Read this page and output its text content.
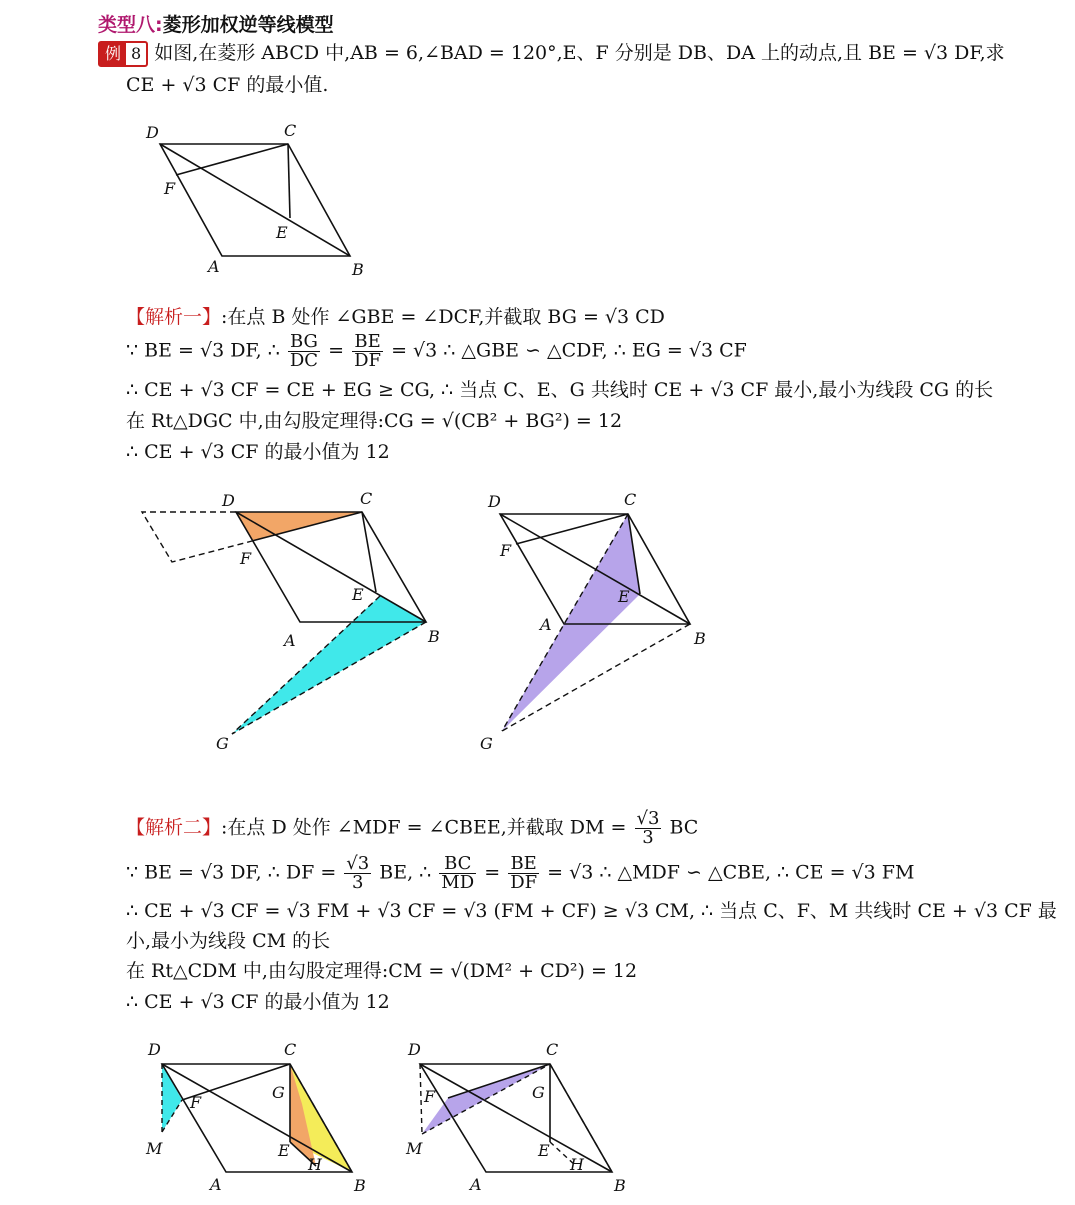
类型八:菱形加权逆等线模型
例 8 如图,在菱形 ABCD 中,AB = 6,∠BAD = 120°,E、F 分别是 DB、DA 上的动点,且 BE = √3 DF,求
CE + √3 CF 的最小值.
D	C
F
E
A	B
【解析一】:在点 B 处作 ∠GBE = ∠DCF,并截取 BG = √3 CD
∵ BE = √3 DF, ∴ $\frac{BG}{DC} = \frac{BE}{DF} = √3$ ∴ △GBE ∽ △CDF, ∴ EG = √3 CF
∴ CE + √3 CF = CE + EG ≥ CG, ∴ 当点 C、E、G 共线时 CE + √3 CF 最小,最小为线段 CG 的长
在 Rt△DGC 中,由勾股定理得:CG = √(CB² + BG²) = 12
∴ CE + √3 CF 的最小值为 12
D	C
F
E
A	B
G
D	C
F
E
A
B
G
【解析二】:在点 D 处作 ∠MDF = ∠CBEE,并截取 DM = $\frac{√3}{3}$ BC
∵ BE = √3 DF, ∴ DF = $\frac{√3}{3}$ BE, ∴ $\frac{BC}{MD} = \frac{BE}{DF} = √3$ ∴ △MDF ∽ △CBE, ∴ CE = √3 FM
∴ CE + √3 CF = √3 FM + √3 CF = √3 (FM + CF) ≥ √3 CM, ∴ 当点 C、F、M 共线时 CE + √3 CF 最
小,最小为线段 CM 的长
在 Rt△CDM 中,由勾股定理得:CM = √(DM² + CD²) = 12
∴ CE + √3 CF 的最小值为 12
D	C
F
G
E
H
M
A	B
D	C
F	G
E
H
M
A	B
